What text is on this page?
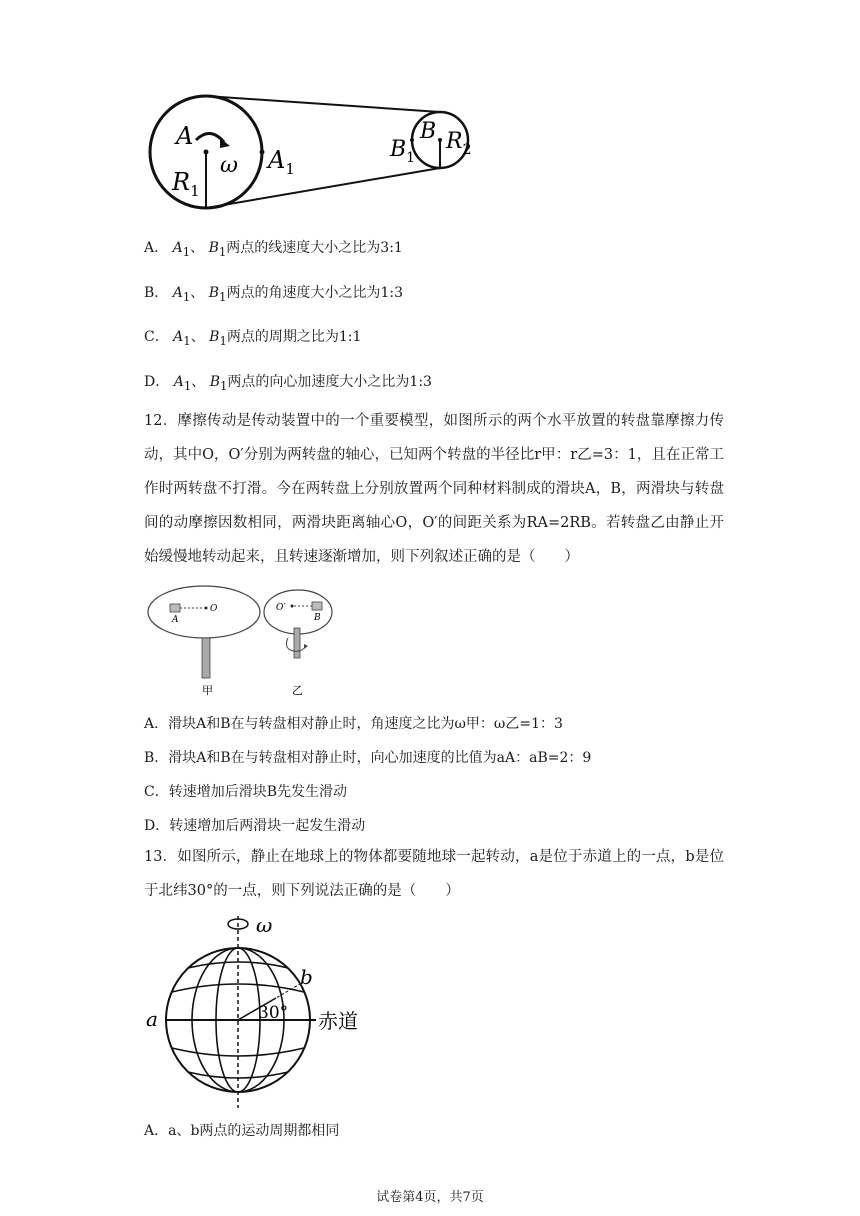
A
ω $A_1$
$R_1$
B
$B_1$
$R_2$
A． $A_1$、 $B_1$两点的线速度大小之比为3:1
B． $A_1$、 $B_1$两点的角速度大小之比为1:3
C． $A_1$、 $B_1$两点的周期之比为1:1
D． $A_1$、 $B_1$两点的向心加速度大小之比为1:3
12．摩擦传动是传动装置中的一个重要模型，如图所示的两个水平放置的转盘靠摩擦力传动，其中O，O′分别为两转盘的轴心，已知两个转盘的半径比r甲：r乙=3：1，且在正常工作时两转盘不打滑。今在两转盘上分别放置两个同种材料制成的滑块A，B，两滑块与转盘间的动摩擦因数相同，两滑块距离轴心O，O′的间距关系为RA=2RB。若转盘乙由静止开始缓慢地转动起来，且转速逐渐增加，则下列叙述正确的是（　　）
A
O	O′
B
甲	乙
A．滑块A和B在与转盘相对静止时，角速度之比为ω甲：ω乙=1：3
B．滑块A和B在与转盘相对静止时，向心加速度的比值为aA：aB=2：9
C．转速增加后滑块B先发生滑动
D．转速增加后两滑块一起发生滑动
13．如图所示，静止在地球上的物体都要随地球一起转动，a是位于赤道上的一点，b是位于北纬30°的一点，则下列说法正确的是（　　）
ω
a
b
30° 赤道
A．a、b两点的运动周期都相同
试卷第4页，共7页
